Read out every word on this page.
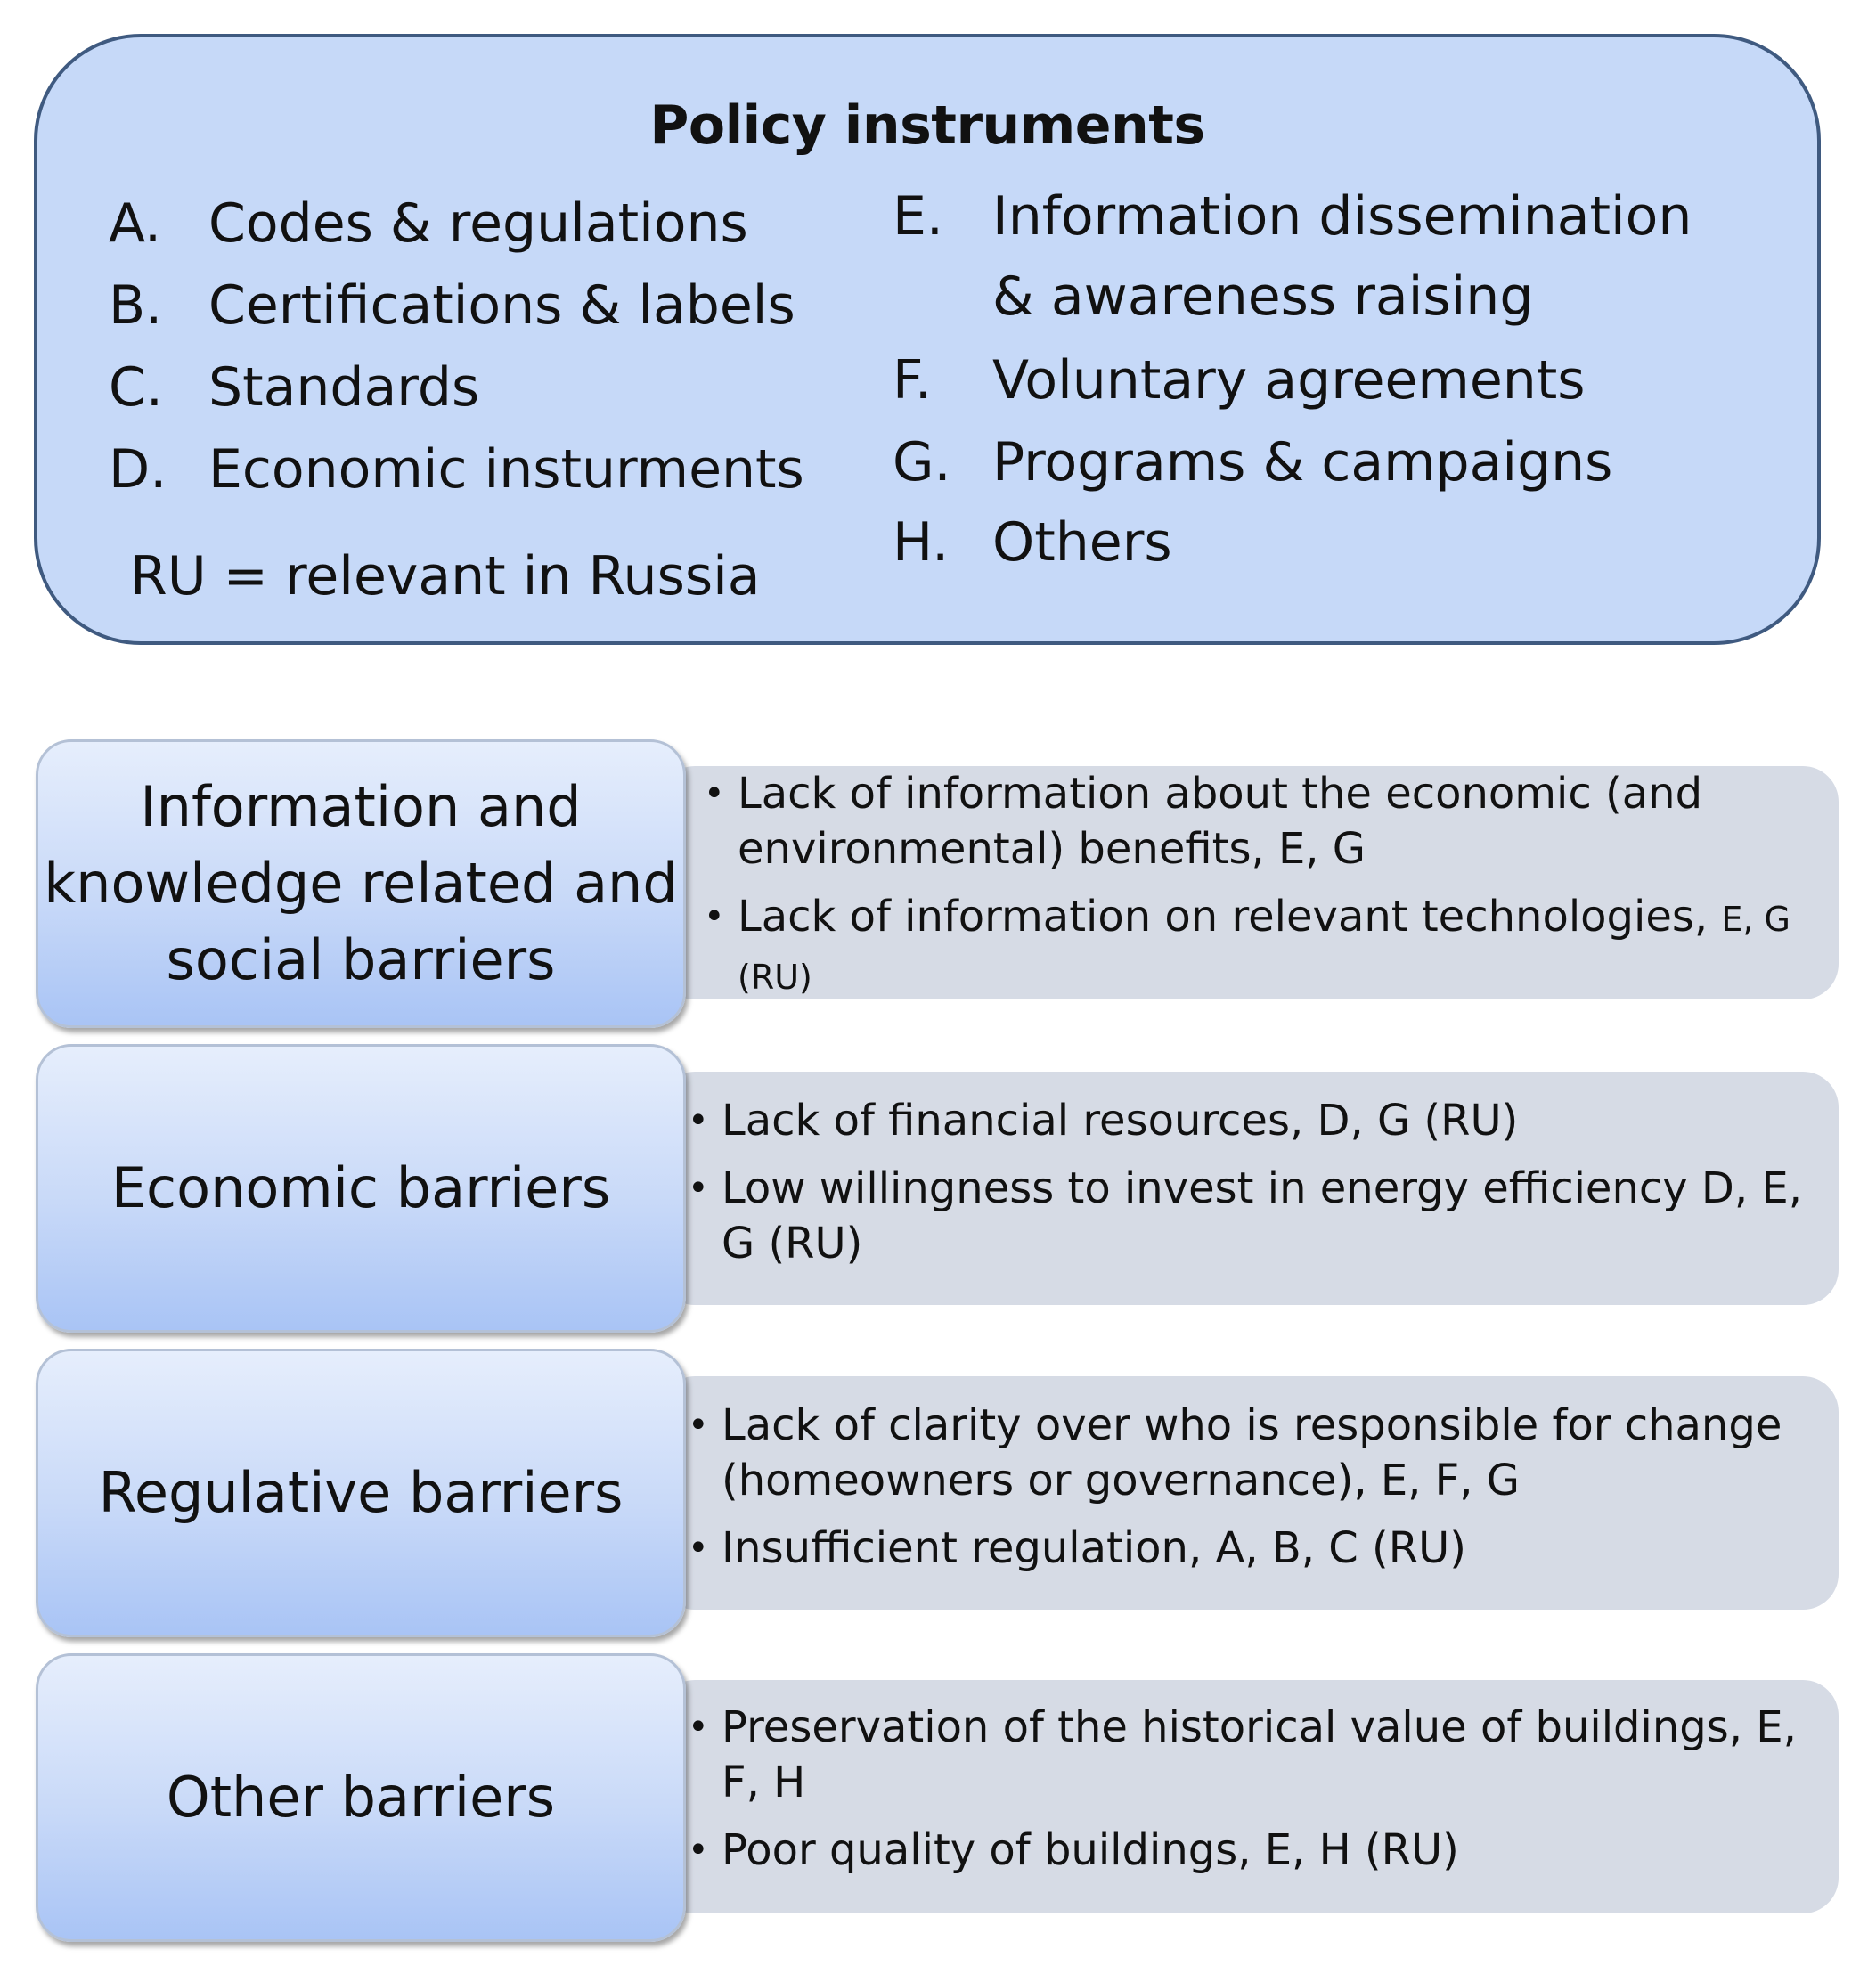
Policy instruments
A. Codes & regulations
B. Certifications & labels
C. Standards
D. Economic insturments
E. Information dissemination
& awareness raising
F. Voluntary agreements
G. Programs & campaigns
H. Others
RU = relevant in Russia
• Lack of information about the economic (and environmental) benefits, E, G
• Lack of information on relevant technologies, E, G (RU)
Information and knowledge related and social barriers
• Lack of financial resources, D, G (RU)
• Low willingness to invest in energy efficiency D, E, G (RU)
Economic barriers
• Lack of clarity over who is responsible for change (homeowners or governance), E, F, G
• Insufficient regulation, A, B, C (RU)
Regulative barriers
• Preservation of the historical value of buildings, E, F, H
• Poor quality of buildings, E, H (RU)
Other barriers
